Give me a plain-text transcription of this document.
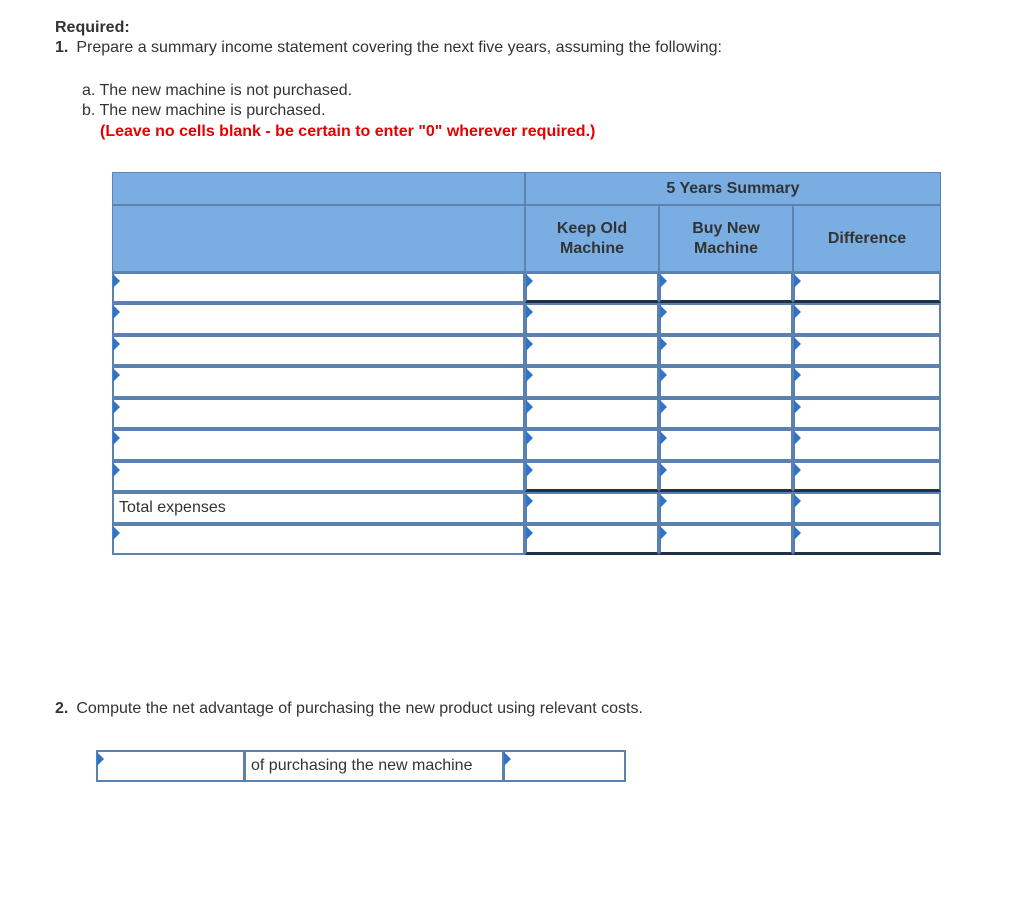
Required:
1. Prepare a summary income statement covering the next five years, assuming the following:
a. The new machine is not purchased.
b. The new machine is purchased.
(Leave no cells blank - be certain to enter "0" wherever required.)
5 Years Summary
Keep Old
Machine
Buy New
Machine
Difference
Total expenses
2. Compute the net advantage of purchasing the new product using relevant costs.
of purchasing the new machine
